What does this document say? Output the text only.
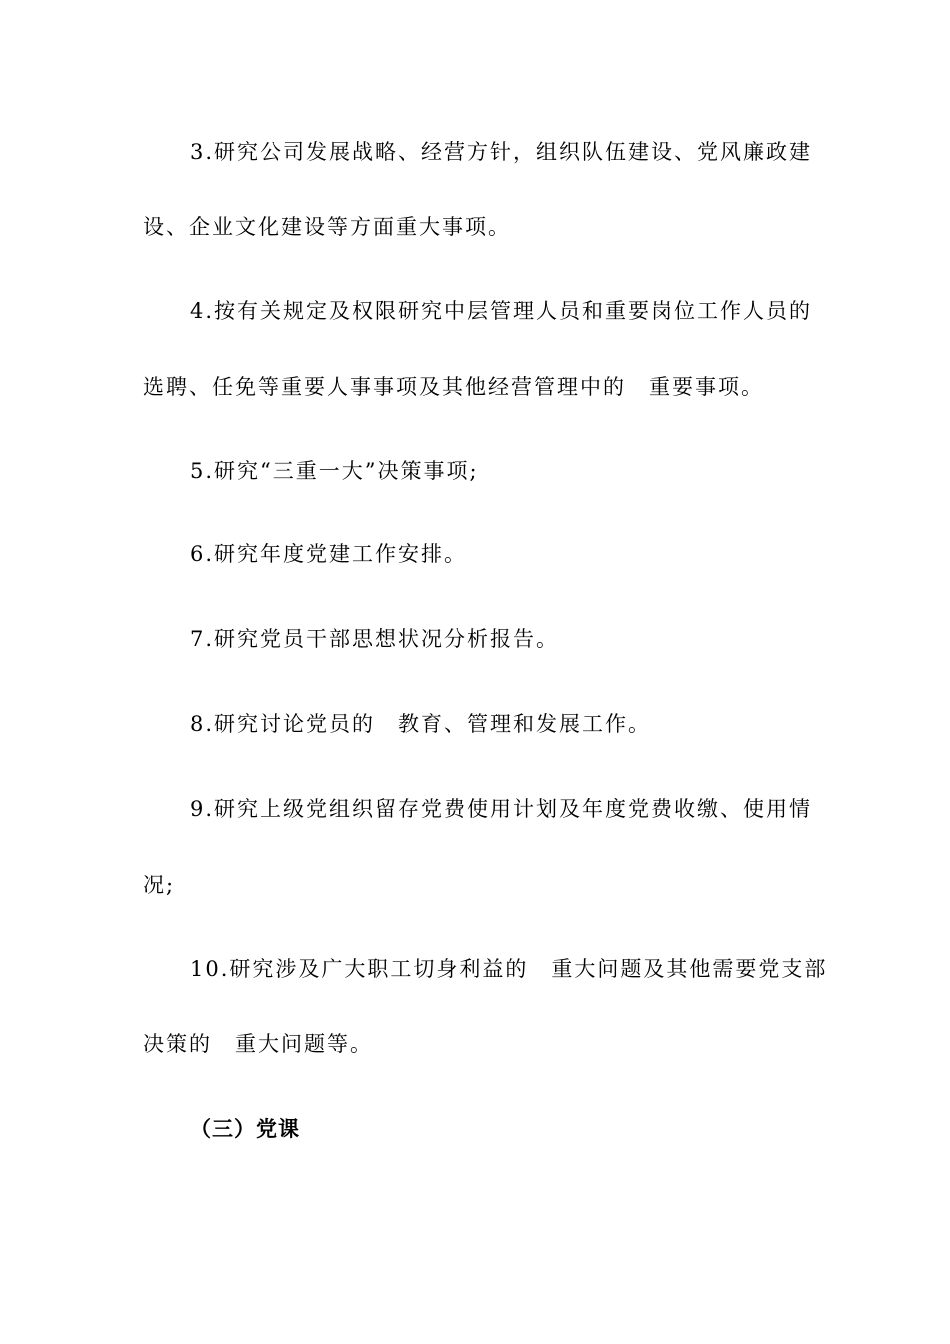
3.研究公司发展战略、经营方针，组织队伍建设、党风廉政建
设、企业文化建设等方面重大事项。
4.按有关规定及权限研究中层管理人员和重要岗位工作人员的
选聘、任免等重要人事事项及其他经营管理中的　重要事项。
5.研究“三重一大”决策事项;
6.研究年度党建工作安排。
7.研究党员干部思想状况分析报告。
8.研究讨论党员的　教育、管理和发展工作。
9.研究上级党组织留存党费使用计划及年度党费收缴、使用情
况;
10.研究涉及广大职工切身利益的　重大问题及其他需要党支部
决策的　重大问题等。
（三）党课
